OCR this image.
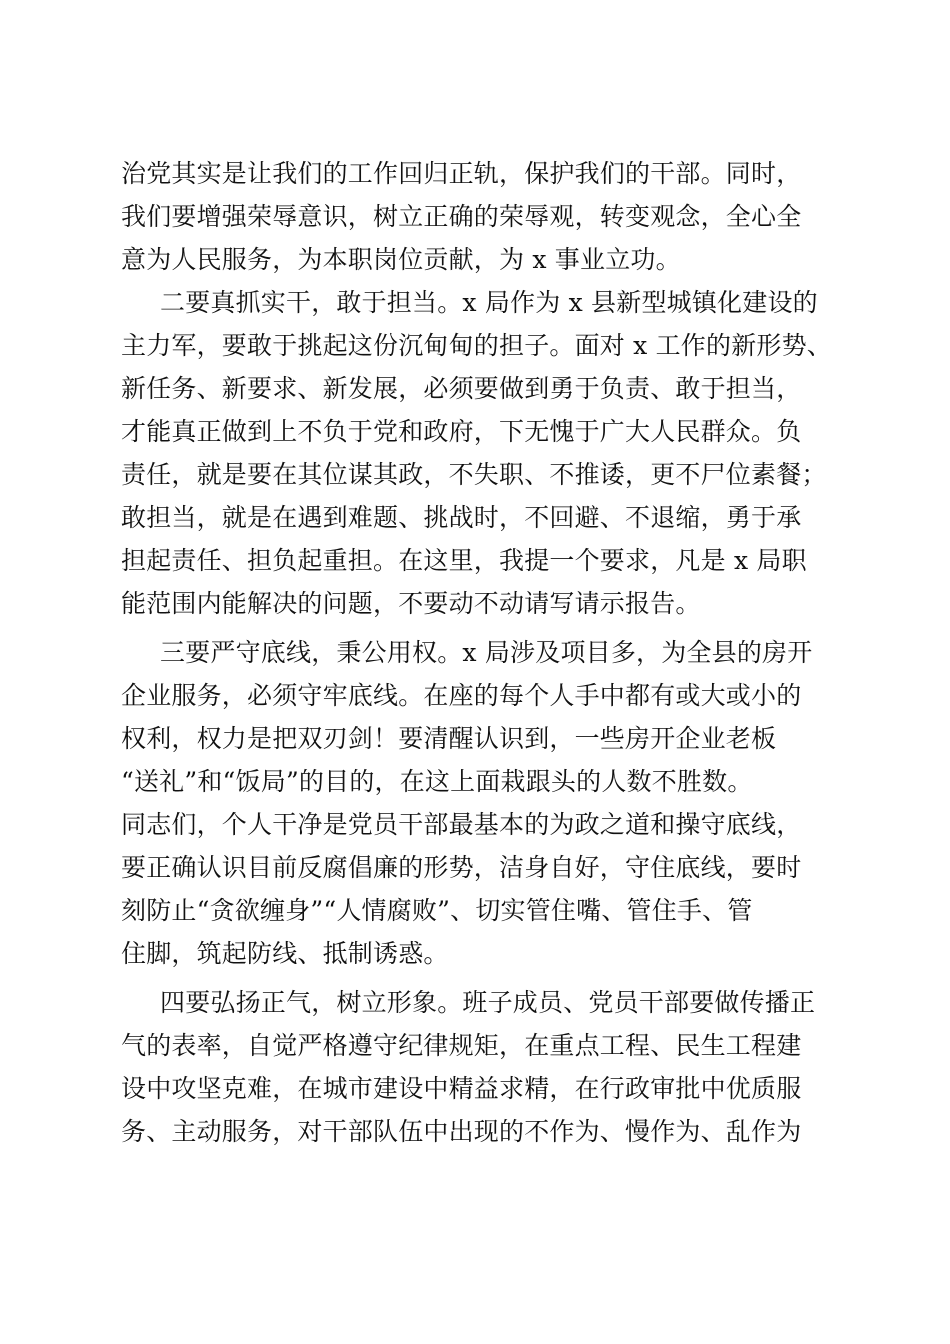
治党其实是让我们的工作回归正轨，保护我们的干部。同时，
我们要增强荣辱意识，树立正确的荣辱观，转变观念，全心全
意为人民服务，为本职岗位贡献，为 x 事业立功。
二要真抓实干，敢于担当。x 局作为 x 县新型城镇化建设的
主力军，要敢于挑起这份沉甸甸的担子。面对 x 工作的新形势、
新任务、新要求、新发展，必须要做到勇于负责、敢于担当，
才能真正做到上不负于党和政府，下无愧于广大人民群众。负
责任，就是要在其位谋其政，不失职、不推诿，更不尸位素餐；
敢担当，就是在遇到难题、挑战时，不回避、不退缩，勇于承
担起责任、担负起重担。在这里，我提一个要求，凡是 x 局职
能范围内能解决的问题，不要动不动请写请示报告。
三要严守底线，秉公用权。x 局涉及项目多，为全县的房开
企业服务，必须守牢底线。在座的每个人手中都有或大或小的
权利，权力是把双刃剑！要清醒认识到，一些房开企业老板
“送礼”和“饭局”的目的，在这上面栽跟头的人数不胜数。
同志们，个人干净是党员干部最基本的为政之道和操守底线，
要正确认识目前反腐倡廉的形势，洁身自好，守住底线，要时
刻防止“贪欲缠身”“人情腐败”、切实管住嘴、管住手、管
住脚，筑起防线、抵制诱惑。
四要弘扬正气，树立形象。班子成员、党员干部要做传播正
气的表率，自觉严格遵守纪律规矩，在重点工程、民生工程建
设中攻坚克难，在城市建设中精益求精，在行政审批中优质服
务、主动服务，对干部队伍中出现的不作为、慢作为、乱作为
